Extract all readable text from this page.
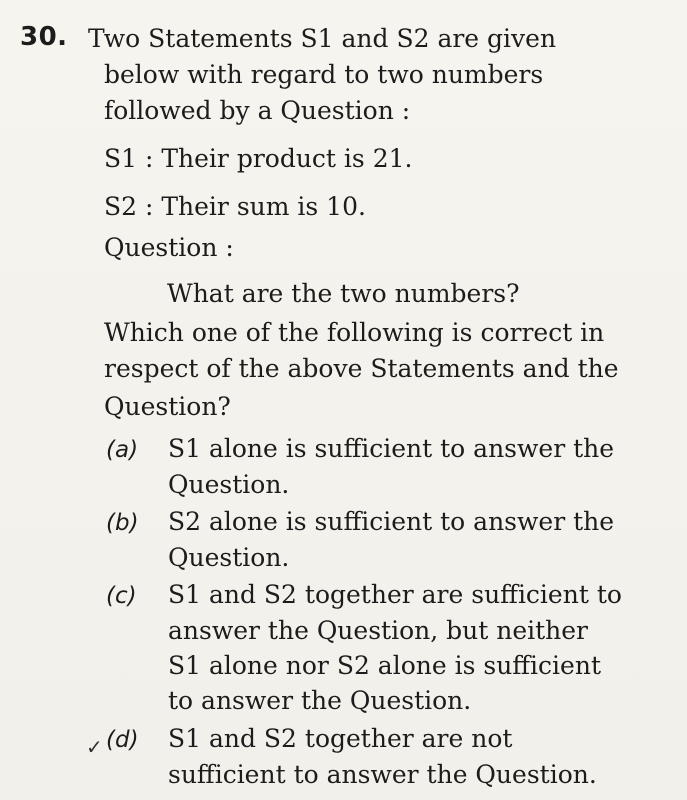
30. Two Statements S1 and S2 are given
below with regard to two numbers
followed by a Question :
S1 : Their product is 21.
S2 : Their sum is 10.
Question :
What are the two numbers?
Which one of the following is correct in
respect of the above Statements and the
Question?
(a) S1 alone is sufficient to answer the
Question.
(b) S2 alone is sufficient to answer the
Question.
(c) S1 and S2 together are sufficient to
answer the Question, but neither
S1 alone nor S2 alone is sufficient
to answer the Question.
✓ (d) S1 and S2 together are not
sufficient to answer the Question.
